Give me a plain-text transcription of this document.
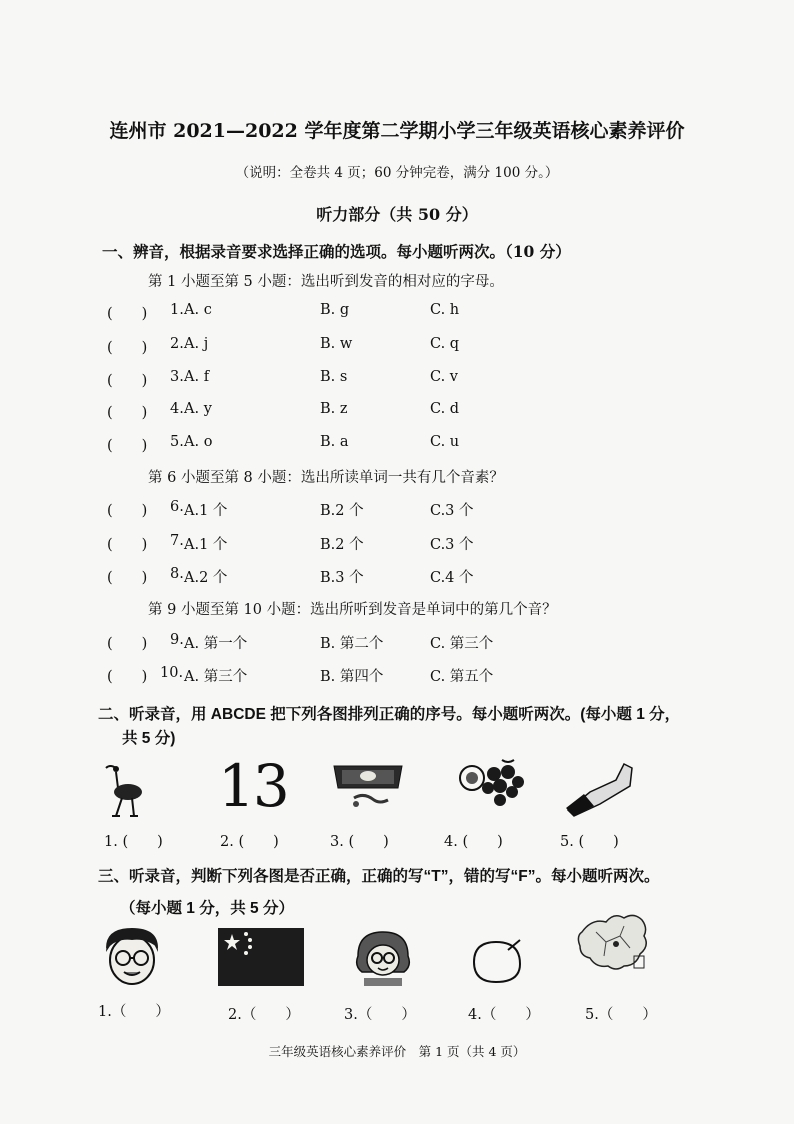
连州市 2021—2022 学年度第二学期小学三年级英语核心素养评价
（说明：全卷共 4 页；60 分钟完卷，满分 100 分。）
听力部分（共 50 分）
一、辨音，根据录音要求选择正确的选项。每小题听两次。（10 分）
第 1 小题至第 5 小题：选出听到发音的相对应的字母。
(　　) 1. A. c	B. g	C. h
(　　) 2. A. j	B. w	C. q
(　　) 3. A. f	B. s	C. v
(　　) 4. A. y	B. z	C. d
(　　) 5. A. o	B. a	C. u
第 6 小题至第 8 小题：选出所读单词一共有几个音素？
(　　) 6. A.1 个	B.2 个	C.3 个
(　　) 7. A.1 个	B.2 个	C.3 个
(　　) 8. A.2 个	B.3 个	C.4 个
第 9 小题至第 10 小题：选出所听到发音是单词中的第几个音？
(　　) 9. A. 第一个	B. 第二个	C. 第三个
(　　) 10. A. 第三个	B. 第四个	C. 第五个
二、听录音，用 ABCDE 把下列各图排列正确的序号。每小题听两次。(每小题 1 分，
共 5 分)
13
1. (　　)	2. (　　)	3. (　　)	4. (　　)	5. (　　)
三、听录音，判断下列各图是否正确，正确的写“T”，错的写“F”。每小题听两次。
（每小题 1 分，共 5 分）
1.（　　）	2.（　　）	3.（　　）	4.（　　）	5.（　　）
三年级英语核心素养评价　第 1 页（共 4 页）
